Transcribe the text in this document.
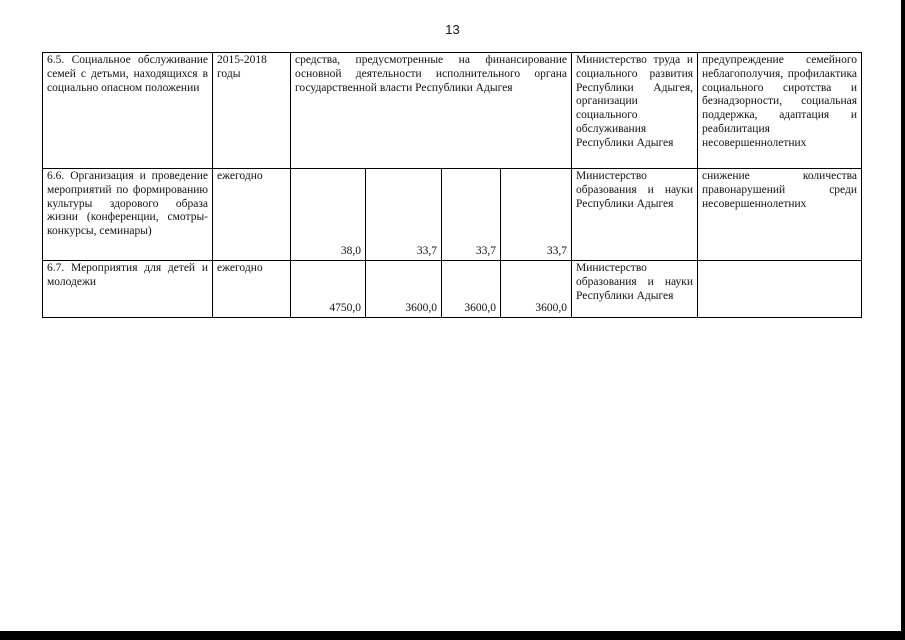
13
6.5. Социальное обслуживание семей с детьми, находящихся в социально опасном положении	2015-2018 годы	средства, предусмотренные на финансирование основной деятельности исполнительного органа государственной власти Республики Адыгея				Министерство труда и социального развития Республики Адыгея, организации социального обслуживания Республики Адыгея	предупреждение семейного неблагополучия, профилактика социального сиротства и безнадзорности, социальная поддержка, адаптация и реабилитация несовершеннолетних
6.6. Организация и проведение мероприятий по формированию культуры здорового образа жизни (конференции, смотры-конкурсы, семинары)	ежегодно	38,0	33,7	33,7	33,7	Министерство образования и науки Республики Адыгея	снижение количества правонарушений среди несовершеннолетних
6.7. Мероприятия для детей и молодежи	ежегодно	4750,0	3600,0	3600,0	3600,0	Министерство образования и науки Республики Адыгея	
